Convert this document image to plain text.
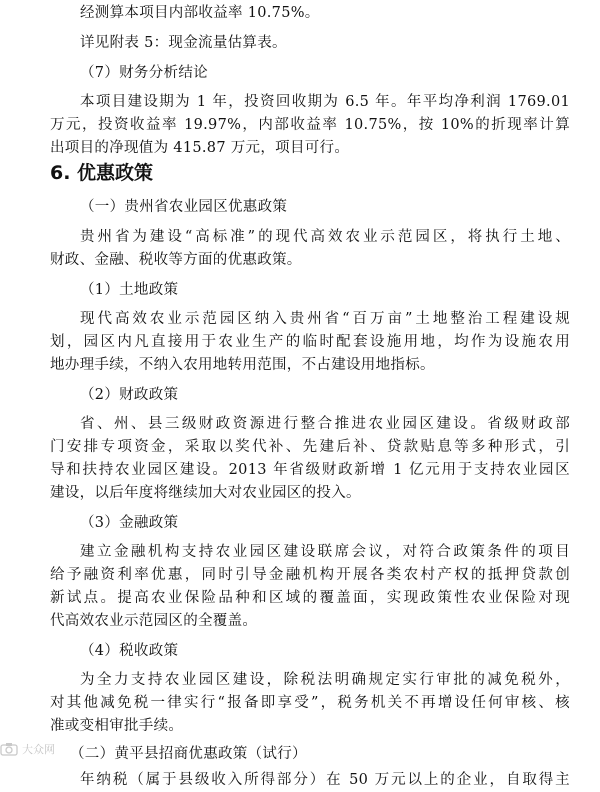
经测算本项目内部收益率 10.75%。
详见附表 5：现金流量估算表。
（7）财务分析结论
本项目建设期为 1 年，投资回收期为 6.5 年。年平均净利润 1769.01
万元，投资收益率 19.97%，内部收益率 10.75%，按 10%的折现率计算
出项目的净现值为 415.87 万元，项目可行。
6. 优惠政策
（一）贵州省农业园区优惠政策
贵州省为建设“高标准”的现代高效农业示范园区，将执行土地、
财政、金融、税收等方面的优惠政策。
（1）土地政策
现代高效农业示范园区纳入贵州省“百万亩”土地整治工程建设规
划，园区内凡直接用于农业生产的临时配套设施用地，均作为设施农用
地办理手续，不纳入农用地转用范围，不占建设用地指标。
（2）财政政策
省、州、县三级财政资源进行整合推进农业园区建设。省级财政部
门安排专项资金，采取以奖代补、先建后补、贷款贴息等多种形式，引
导和扶持农业园区建设。2013 年省级财政新增 1 亿元用于支持农业园区
建设，以后年度将继续加大对农业园区的投入。
（3）金融政策
建立金融机构支持农业园区建设联席会议，对符合政策条件的项目
给予融资利率优惠，同时引导金融机构开展各类农村产权的抵押贷款创
新试点。提高农业保险品种和区域的覆盖面，实现政策性农业保险对现
代高效农业示范园区的全覆盖。
（4）税收政策
为全力支持农业园区建设，除税法明确规定实行审批的减免税外，
对其他减免税一律实行“报备即享受”，税务机关不再增设任何审核、核
准或变相审批手续。
（二）黄平县招商优惠政策（试行）
年纳税（属于县级收入所得部分）在 50 万元以上的企业，自取得主
大众网
